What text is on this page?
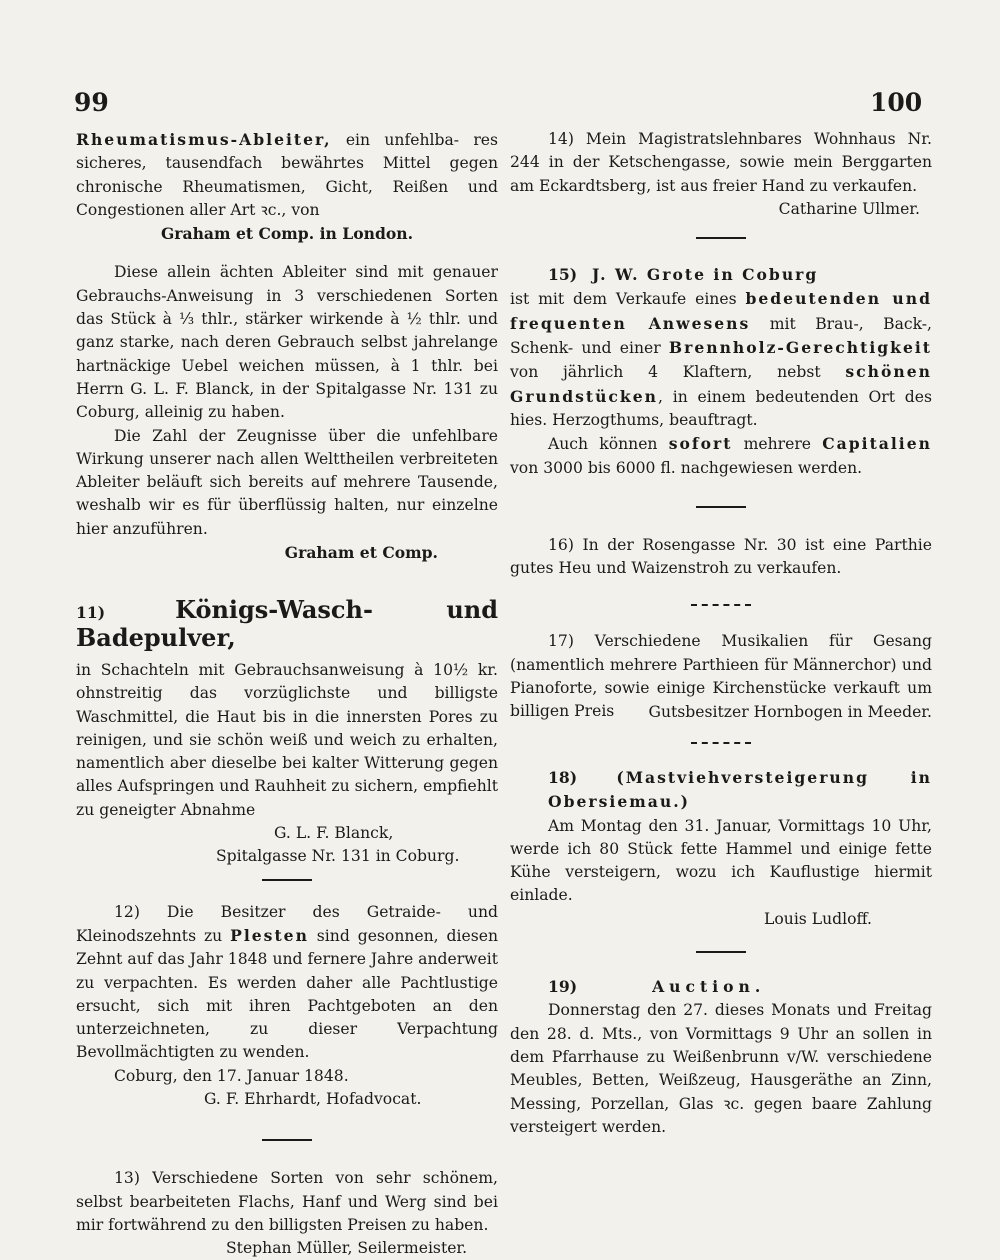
99	100

Rheumatismus-Ableiter, ein unfehlba- res sicheres, tausendfach bewährtes Mittel gegen chronische Rheumatismen, Gicht, Reißen und Congestionen aller Art ꝛc., von

Graham et Comp. in London.

Diese allein ächten Ableiter sind mit genauer Gebrauchs-Anweisung in 3 verschiedenen Sorten das Stück à ⅓ thlr., stärker wirkende à ½ thlr. und ganz starke, nach deren Gebrauch selbst jahrelange hartnäckige Uebel weichen müssen, à 1 thlr. bei Herrn G. L. F. Blanck, in der Spitalgasse Nr. 131 zu Coburg, alleinig zu haben.

Die Zahl der Zeugnisse über die unfehlbare Wirkung unserer nach allen Welttheilen verbreiteten Ableiter beläuft sich bereits auf mehrere Tausende, weshalb wir es für überflüssig halten, nur einzelne hier anzuführen.

Graham et Comp.

11)	Königs-Wasch- und Badepulver,

in Schachteln mit Gebrauchsanweisung à 10½ kr. ohnstreitig das vorzüglichste und billigste Waschmittel, die Haut bis in die innersten Pores zu reinigen, und sie schön weiß und weich zu erhalten, namentlich aber dieselbe bei kalter Witterung gegen alles Aufspringen und Rauhheit zu sichern, empfiehlt zu geneigter Abnahme

G. L. F. Blanck,

Spitalgasse Nr. 131 in Coburg.

12) Die Besitzer des Getraide- und Kleinodszehnts zu Plesten sind gesonnen, diesen Zehnt auf das Jahr 1848 und fernere Jahre anderweit zu verpachten. Es werden daher alle Pachtlustige ersucht, sich mit ihren Pachtgeboten an den unterzeichneten, zu dieser Verpachtung Bevollmächtigten zu wenden.

Coburg, den 17. Januar 1848.

G. F. Ehrhardt, Hofadvocat.

13) Verschiedene Sorten von sehr schönem, selbst bearbeiteten Flachs, Hanf und Werg sind bei mir fortwährend zu den billigsten Preisen zu haben.

Stephan Müller, Seilermeister.

14) Mein Magistratslehnbares Wohnhaus Nr. 244 in der Ketschengasse, sowie mein Berggarten am Eckardtsberg, ist aus freier Hand zu verkaufen.

Catharine Ullmer.

15) J. W. Grote in Coburg

ist mit dem Verkaufe eines bedeutenden und frequenten Anwesens mit Brau-, Back-, Schenk- und einer Brennholz-Gerechtigkeit von jährlich 4 Klaftern, nebst schönen Grundstücken, in einem bedeutenden Ort des hies. Herzogthums, beauftragt.

Auch können sofort mehrere Capitalien von 3000 bis 6000 fl. nachgewiesen werden.

16) In der Rosengasse Nr. 30 ist eine Parthie gutes Heu und Waizenstroh zu verkaufen.

17) Verschiedene Musikalien für Gesang (namentlich mehrere Parthieen für Männerchor) und Pianoforte, sowie einige Kirchenstücke verkauft um billigen Preis	Gutsbesitzer Hornbogen in Meeder.

18)	(Mastviehversteigerung in Obersiemau.)

Am Montag den 31. Januar, Vormittags 10 Uhr, werde ich 80 Stück fette Hammel und einige fette Kühe versteigern, wozu ich Kauflustige hiermit einlade.

Louis Ludloff.

19)	Auction.

Donnerstag den 27. dieses Monats und Freitag den 28. d. Mts., von Vormittags 9 Uhr an sollen in dem Pfarrhause zu Weißenbrunn v/W. verschiedene Meubles, Betten, Weißzeug, Hausgeräthe an Zinn, Messing, Porzellan, Glas ꝛc. gegen baare Zahlung versteigert werden.
